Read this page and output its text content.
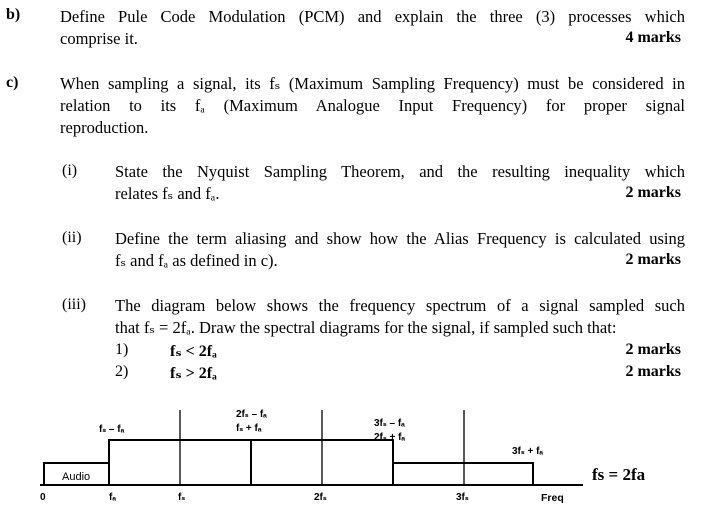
b) Define Pule Code Modulation (PCM) and explain the three (3) processes which
comprise it.	4 marks
c)	When sampling a signal, its fₛ (Maximum Sampling Frequency) must be considered in
relation to its fₐ (Maximum Analogue Input Frequency) for proper signal
reproduction.
(i) State the Nyquist Sampling Theorem, and the resulting inequality which
relates fₛ and fₐ.	2 marks
(ii) Define the term aliasing and show how the Alias Frequency is calculated using
fₛ and fₐ as defined in c).	2 marks
(iii) The diagram below shows the frequency spectrum of a signal sampled such
that fₛ = 2fₐ. Draw the spectral diagrams for the signal, if sampled such that:
1)	fₛ < 2fₐ	2 marks
2)	fₛ > 2fₐ	2 marks
Audio
fₛ – fₐ
2fₛ – fₐ
fₛ + fₐ	3fₛ – fₐ
2fₛ + fₐ
3fₛ + fₐ
0	fₐ	fₛ	2fₛ	3fₛ	Freq
fs = 2fa
